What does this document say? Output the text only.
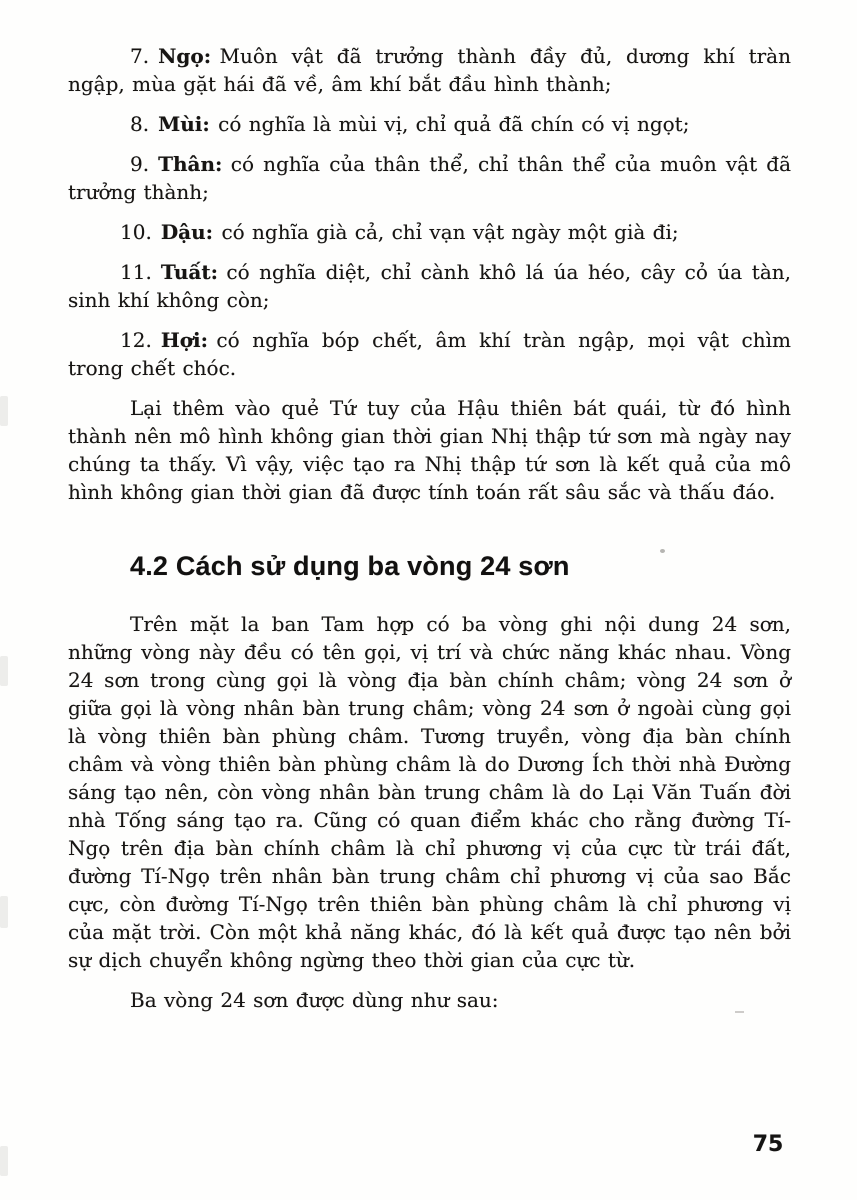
7. Ngọ: Muôn vật đã trưởng thành đầy đủ, dương khí tràn ngập, mùa gặt hái đã về, âm khí bắt đầu hình thành;

8. Mùi: có nghĩa là mùi vị, chỉ quả đã chín có vị ngọt;

9. Thân: có nghĩa của thân thể, chỉ thân thể của muôn vật đã trưởng thành;

10. Dậu: có nghĩa già cả, chỉ vạn vật ngày một già đi;

11. Tuất: có nghĩa diệt, chỉ cành khô lá úa héo, cây cỏ úa tàn, sinh khí không còn;

12. Hợi: có nghĩa bóp chết, âm khí tràn ngập, mọi vật chìm trong chết chóc.

Lại thêm vào quẻ Tứ tuy của Hậu thiên bát quái, từ đó hình thành nên mô hình không gian thời gian Nhị thập tứ sơn mà ngày nay chúng ta thấy. Vì vậy, việc tạo ra Nhị thập tứ sơn là kết quả của mô hình không gian thời gian đã được tính toán rất sâu sắc và thấu đáo.

4.2 Cách sử dụng ba vòng 24 sơn

Trên mặt la ban Tam hợp có ba vòng ghi nội dung 24 sơn, những vòng này đều có tên gọi, vị trí và chức năng khác nhau. Vòng 24 sơn trong cùng gọi là vòng địa bàn chính châm; vòng 24 sơn ở giữa gọi là vòng nhân bàn trung châm; vòng 24 sơn ở ngoài cùng gọi là vòng thiên bàn phùng châm. Tương truyền, vòng địa bàn chính châm và vòng thiên bàn phùng châm là do Dương Ích thời nhà Đường sáng tạo nên, còn vòng nhân bàn trung châm là do Lại Văn Tuấn đời nhà Tống sáng tạo ra. Cũng có quan điểm khác cho rằng đường Tí-Ngọ trên địa bàn chính châm là chỉ phương vị của cực từ trái đất, đường Tí-Ngọ trên nhân bàn trung châm chỉ phương vị của sao Bắc cực, còn đường Tí-Ngọ trên thiên bàn phùng châm là chỉ phương vị của mặt trời. Còn một khả năng khác, đó là kết quả được tạo nên bởi sự dịch chuyển không ngừng theo thời gian của cực từ.

Ba vòng 24 sơn được dùng như sau:

75
